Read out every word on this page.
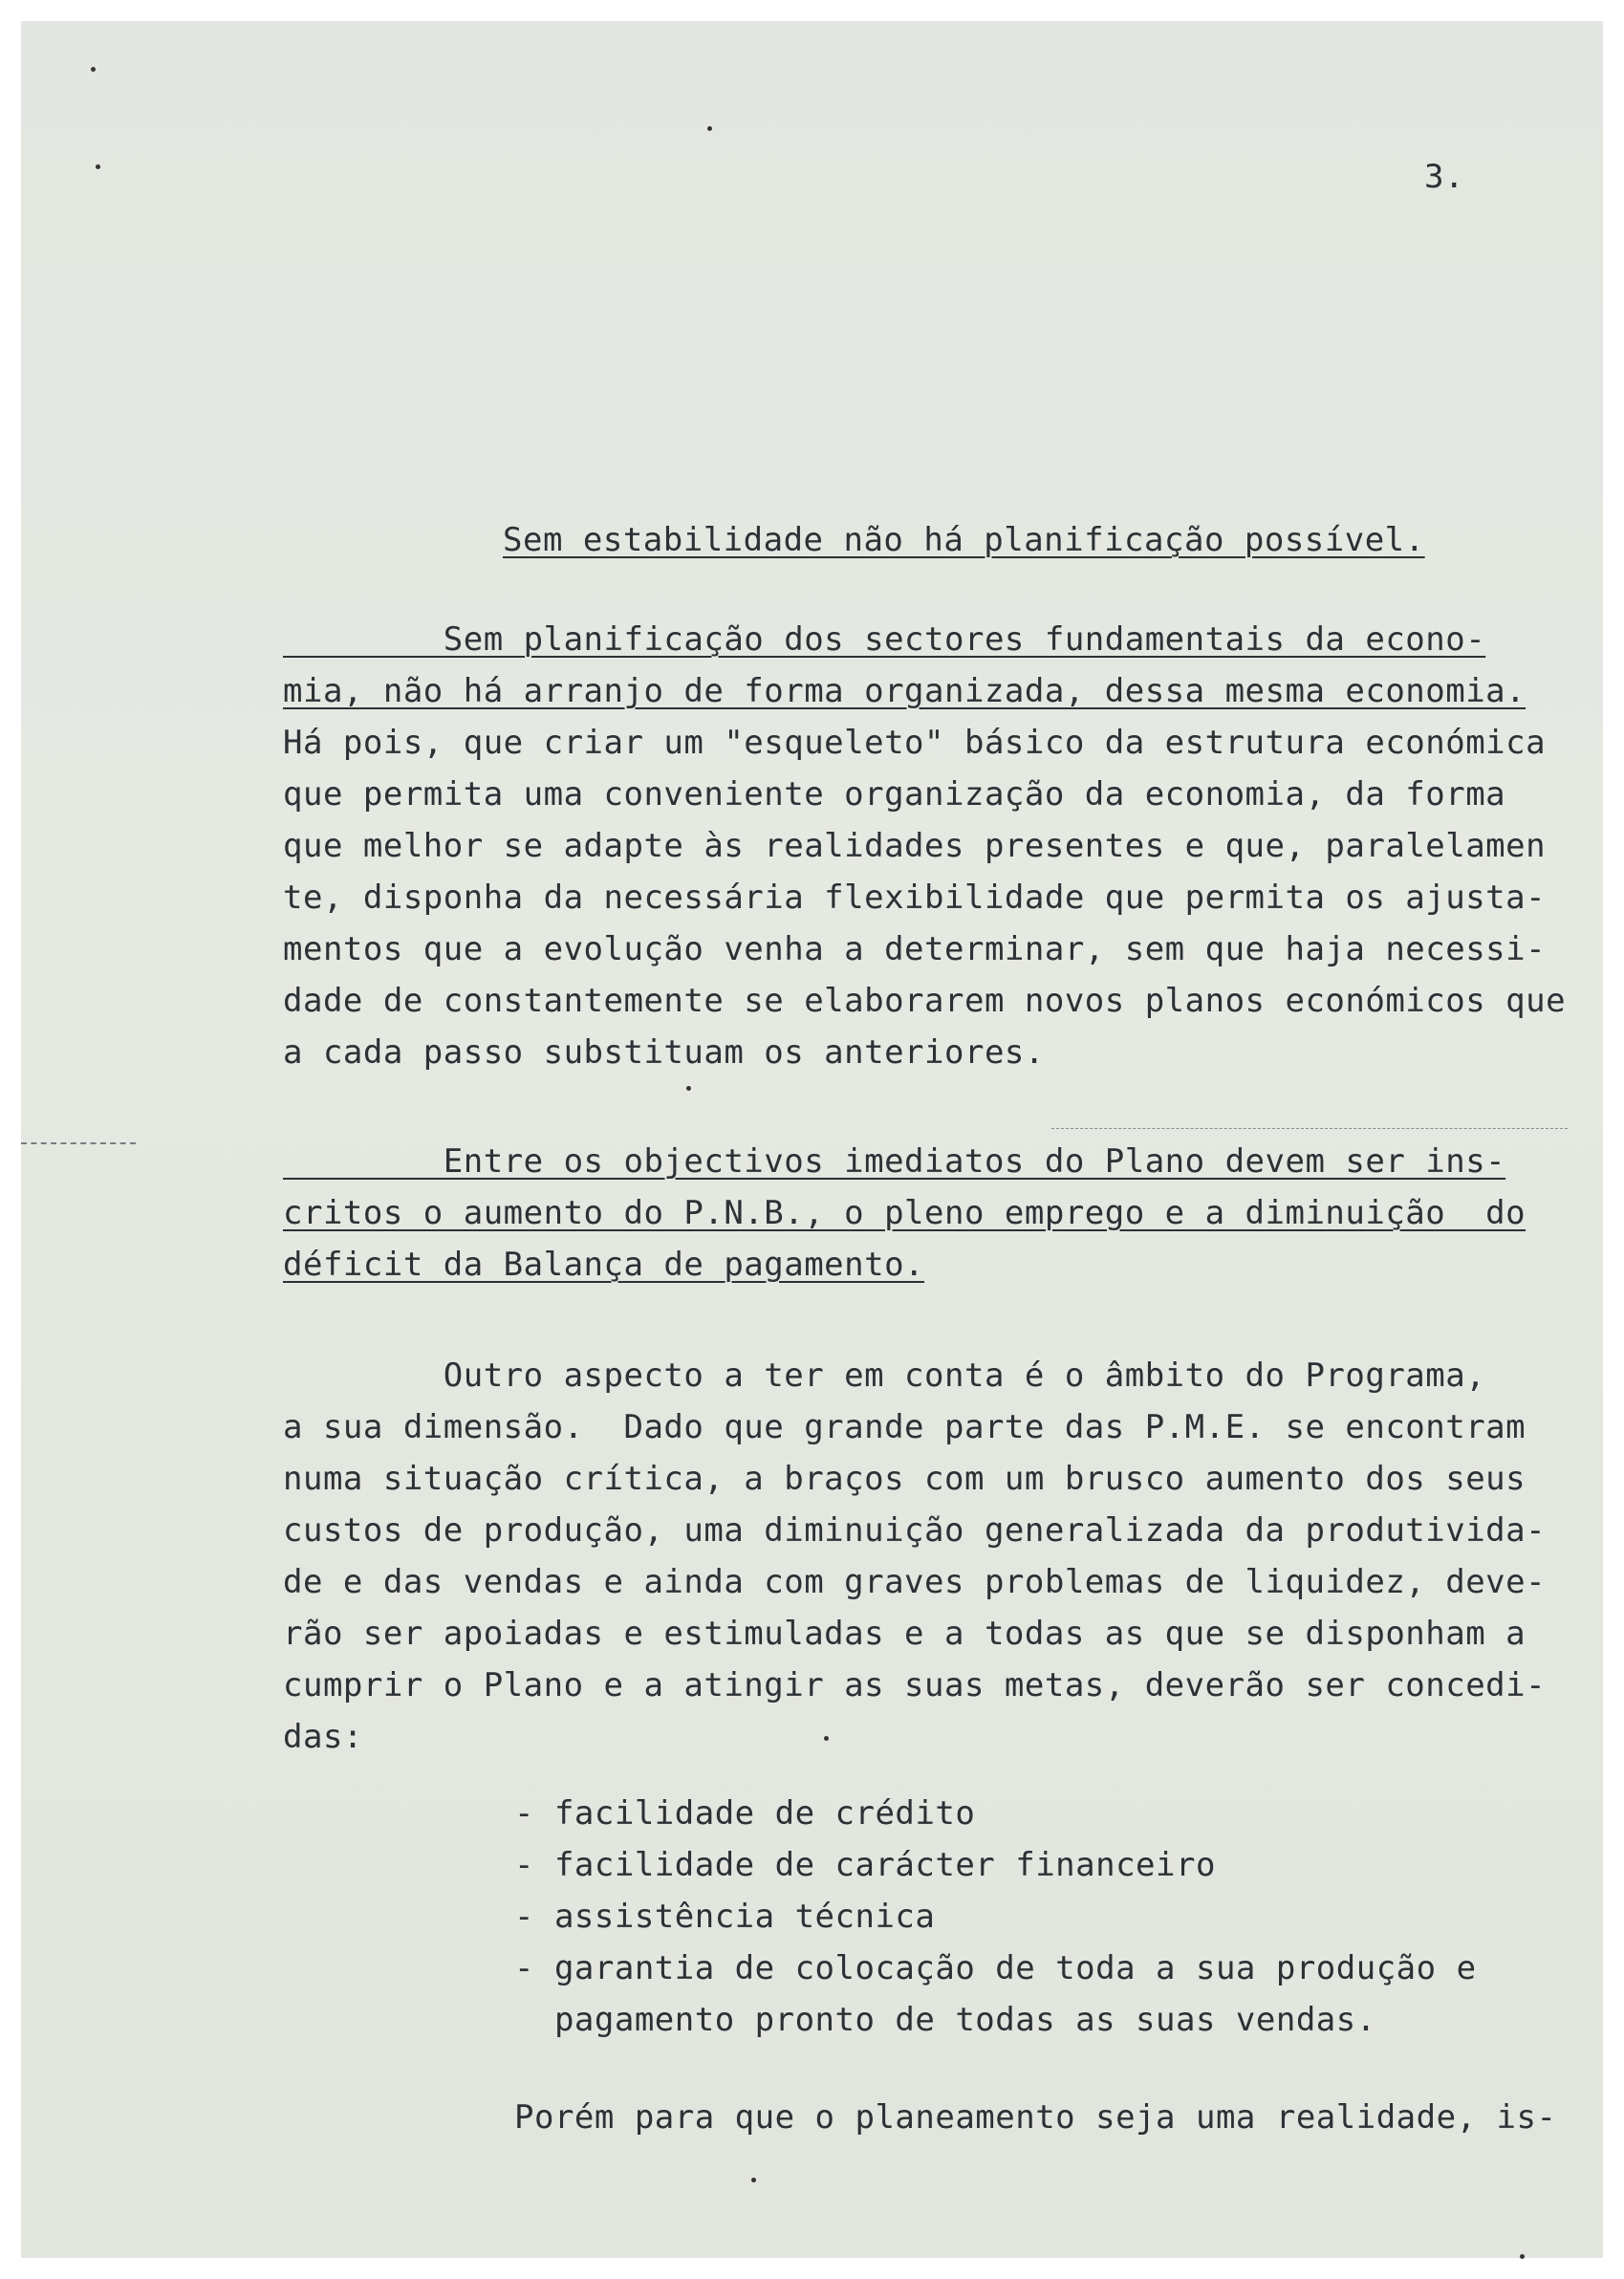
3.
Sem estabilidade não há planificação possível.
Sem planificação dos sectores fundamentais da econo-
mia, não há arranjo de forma organizada, dessa mesma economia.
Há pois, que criar um "esqueleto" básico da estrutura económica
que permita uma conveniente organização da economia, da forma
que melhor se adapte às realidades presentes e que, paralelamen
te, disponha da necessária flexibilidade que permita os ajusta-
mentos que a evolução venha a determinar, sem que haja necessi-
dade de constantemente se elaborarem novos planos económicos que
a cada passo substituam os anteriores.
Entre os objectivos imediatos do Plano devem ser ins-
critos o aumento do P.N.B., o pleno emprego e a diminuição  do
déficit da Balança de pagamento.
Outro aspecto a ter em conta é o âmbito do Programa,
a sua dimensão.  Dado que grande parte das P.M.E. se encontram
numa situação crítica, a braços com um brusco aumento dos seus
custos de produção, uma diminuição generalizada da produtivida-
de e das vendas e ainda com graves problemas de liquidez, deve-
rão ser apoiadas e estimuladas e a todas as que se disponham a
cumprir o Plano e a atingir as suas metas, deverão ser concedi-
das:
- facilidade de crédito
- facilidade de carácter financeiro
- assistência técnica
- garantia de colocação de toda a sua produção e
pagamento pronto de todas as suas vendas.
Porém para que o planeamento seja uma realidade, is-
